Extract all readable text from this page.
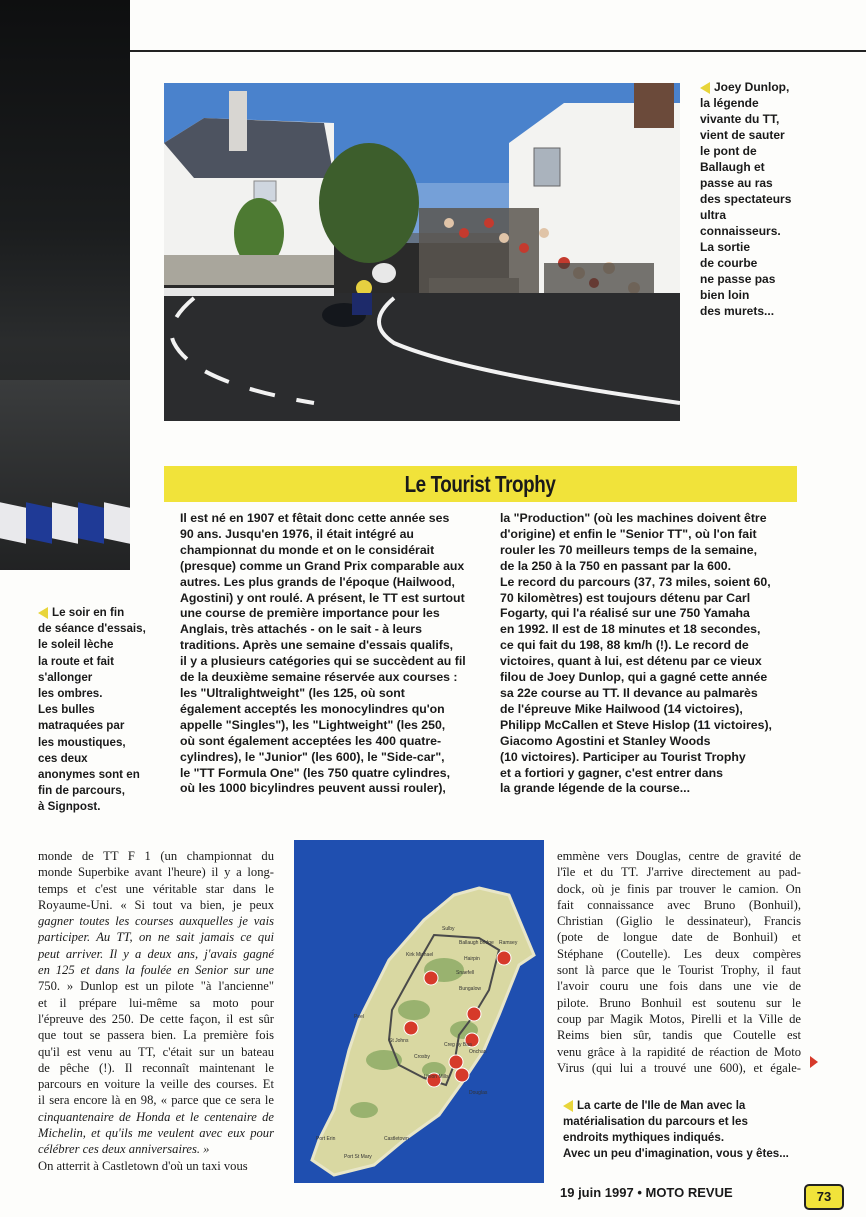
Joey Dunlop,
la légende
vivante du TT,
vient de sauter
le pont de
Ballaugh et
passe au ras
des spectateurs
ultra
connaisseurs.
La sortie
de courbe
ne passe pas
bien loin
des murets...
Le Tourist Trophy
Il est né en 1907 et fêtait donc cette année ses
90 ans. Jusqu'en 1976, il était intégré au
championnat du monde et on le considérait
(presque) comme un Grand Prix comparable aux
autres. Les plus grands de l'époque (Hailwood,
Agostini) y ont roulé. A présent, le TT est surtout
une course de première importance pour les
Anglais, très attachés - on le sait - à leurs
traditions. Après une semaine d'essais qualifs,
il y a plusieurs catégories qui se succèdent au fil
de la deuxième semaine réservée aux courses :
les "Ultralightweight" (les 125, où sont
également acceptés les monocylindres qu'on
appelle "Singles"), les "Lightweight" (les 250,
où sont également acceptées les 400 quatre-
cylindres), le "Junior" (les 600), le "Side-car",
le "TT Formula One" (les 750 quatre cylindres,
où les 1000 bicylindres peuvent aussi rouler),
la "Production" (où les machines doivent être
d'origine) et enfin le "Senior TT", où l'on fait
rouler les 70 meilleurs temps de la semaine,
de la 250 à la 750 en passant par la 600.
Le record du parcours (37, 73 miles, soient 60,
70 kilomètres) est toujours détenu par Carl
Fogarty, qui l'a réalisé sur une 750 Yamaha
en 1992. Il est de 18 minutes et 18 secondes,
ce qui fait du 198, 88 km/h (!). Le record de
victoires, quant à lui, est détenu par ce vieux
filou de Joey Dunlop, qui a gagné cette année
sa 22e course au TT. Il devance au palmarès
de l'épreuve Mike Hailwood (14 victoires),
Philipp McCallen et Steve Hislop (11 victoires),
Giacomo Agostini et Stanley Woods
(10 victoires). Participer au Tourist Trophy
et a fortiori y gagner, c'est entrer dans
la grande légende de la course...
Le soir en fin
de séance d'essais,
le soleil lèche
la route et fait
s'allonger
les ombres.
Les bulles
matraquées par
les moustiques,
ces deux
anonymes sont en
fin de parcours,
à Signpost.
monde de TT F 1 (un championnat du
monde Superbike avant l'heure) il y a long-
temps et c'est une véritable star dans le
Royaume-Uni. « Si tout va bien, je peux
gagner toutes les courses auxquelles je vais
participer. Au TT, on ne sait jamais ce qui
peut arriver. Il y a deux ans, j'avais gagné
en 125 et dans la foulée en Senior sur une
750. » Dunlop est un pilote "à l'ancienne"
et il prépare lui-même sa moto pour
l'épreuve des 250. De cette façon, il est sûr
que tout se passera bien. La première fois
qu'il est venu au TT, c'était sur un bateau
de pêche (!). Il reconnaît maintenant le
parcours en voiture la veille des courses. Et
il sera encore là en 98, « parce que ce sera le
cinquantenaire de Honda et le centenaire de
Michelin, et qu'ils me veulent avec eux pour
célébrer ces deux anniversaires. »
On atterrit à Castletown d'où un taxi vous
emmène vers Douglas, centre de gravité de
l'île et du TT. J'arrive directement au pad-
dock, où je finis par trouver le camion. On
fait connaissance avec Bruno (Bonhuil),
Christian (Giglio le dessinateur), Francis
(pote de longue date de Bonhuil) et
Stéphane (Coutelle). Les deux compères
sont là parce que le Tourist Trophy, il faut
l'avoir couru une fois dans une vie de
pilote. Bruno Bonhuil est soutenu sur le
coup par Magik Motos, Pirelli et la Ville de
Reims bien sûr, tandis que Coutelle est
venu grâce à la rapidité de réaction de Moto
Virus (qui lui a trouvé une 600), et égale-
Sulby
Ballaugh bridge
Kirk Michael
Ramsey
Hairpin
Snaefell
Bungalow
Peel
St Johns
Crosby
Creg ny Baa
Union Mills
Onchan
Douglas
Port Erin	Castletown
Port St Mary
La carte de l'Ile de Man avec la
matérialisation du parcours et les
endroits mythiques indiqués.
Avec un peu d'imagination, vous y êtes...
19 juin 1997 • MOTO REVUE	73
